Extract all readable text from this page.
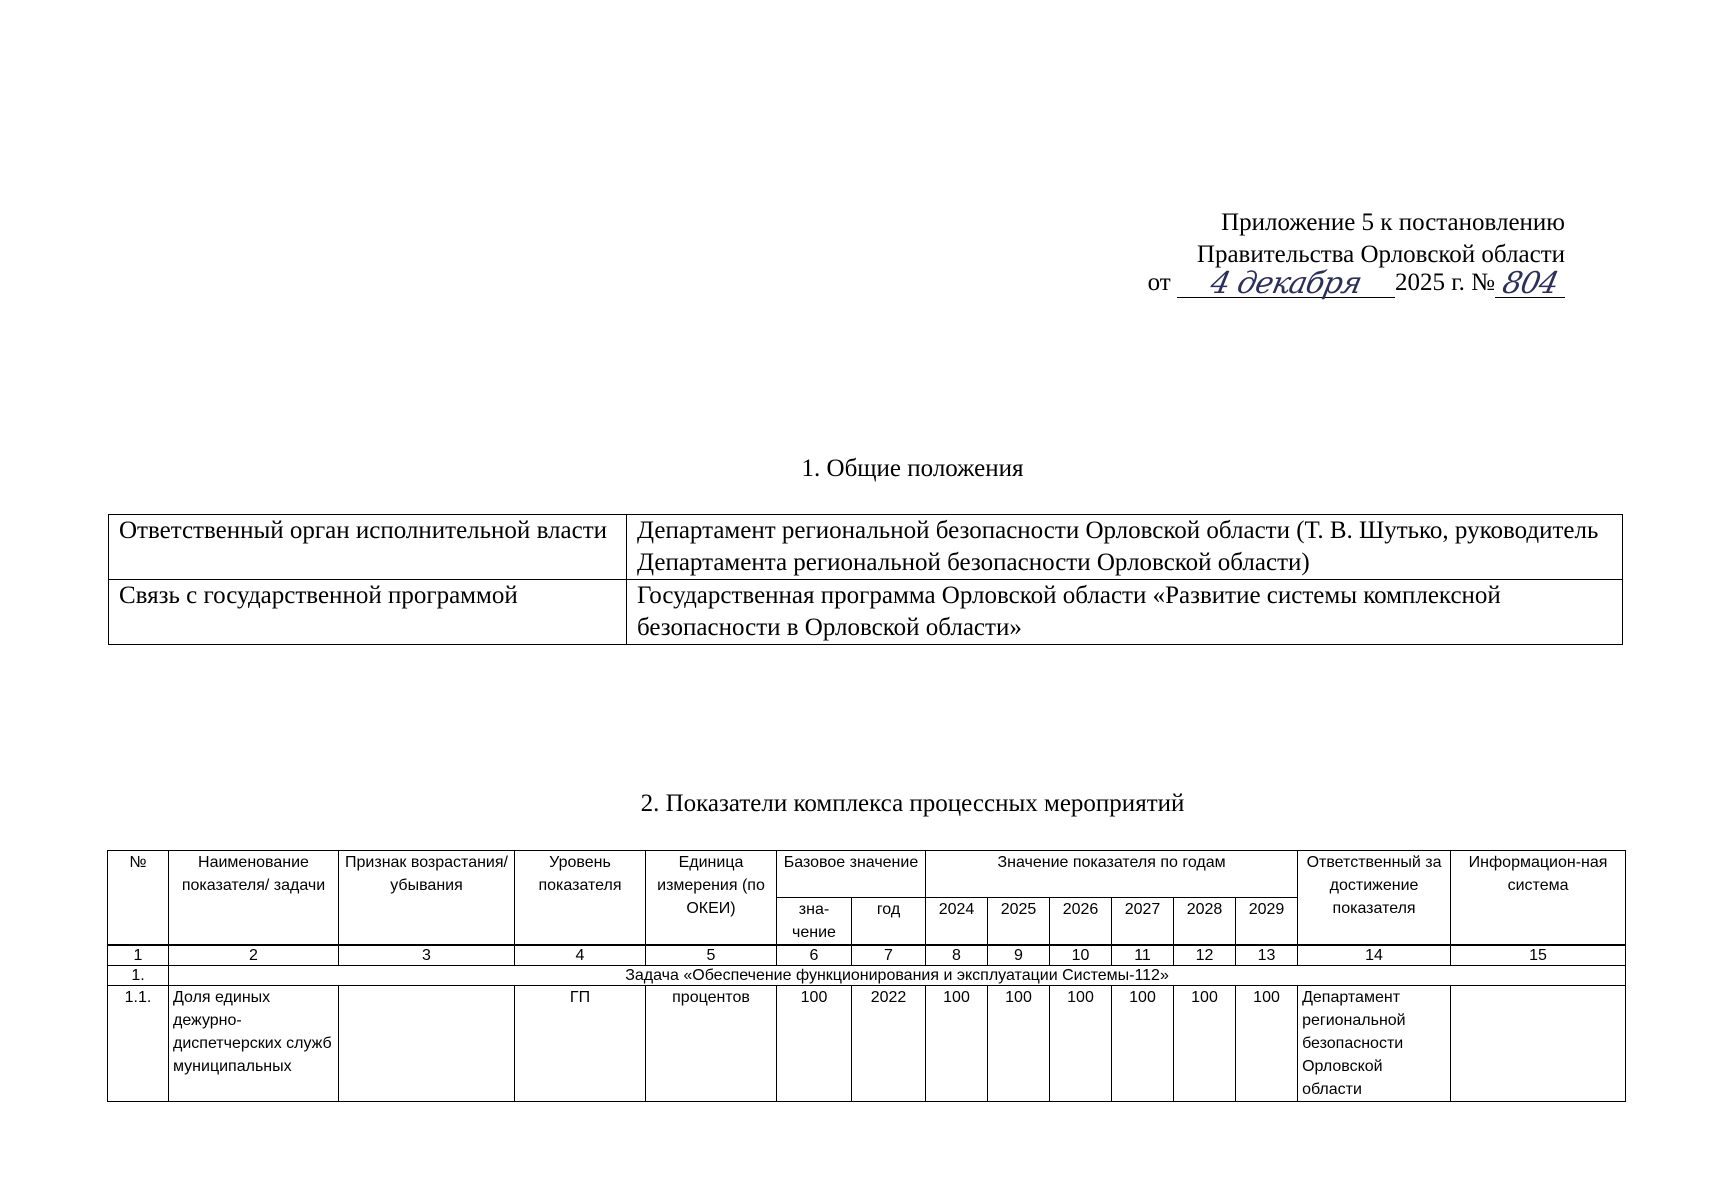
Приложение 5 к постановлению
Правительства Орловской области
от 4 декабря 2025 г. № 804
1. Общие положения
Ответственный орган исполнительной власти	Департамент региональной безопасности Орловской области (Т. В. Шутько, руководитель Департамента региональной безопасности Орловской области)
Связь с государственной программой	Государственная программа Орловской области «Развитие системы комплексной безопасности в Орловской области»
2. Показатели комплекса процессных мероприятий
№	Наименование показателя/ задачи	Признак возрастания/ убывания	Уровень показателя	Единица измерения (по ОКЕИ)	Базовое значение		Значение показателя по годам						Ответственный за достижение показателя	Информацион-ная система
					зна-чение	год	2024	2025	2026	2027	2028	2029		
1	2	3	4	5	6	7	8	9	10	11	12	13	14	15
1.	Задача «Обеспечение функционирования и эксплуатации Системы-112»													
1.1.	Доля единых дежурно-диспетчерских служб муниципальных		ГП	процентов	100	2022	100	100	100	100	100	100	Департамент региональной безопасности Орловской области	
